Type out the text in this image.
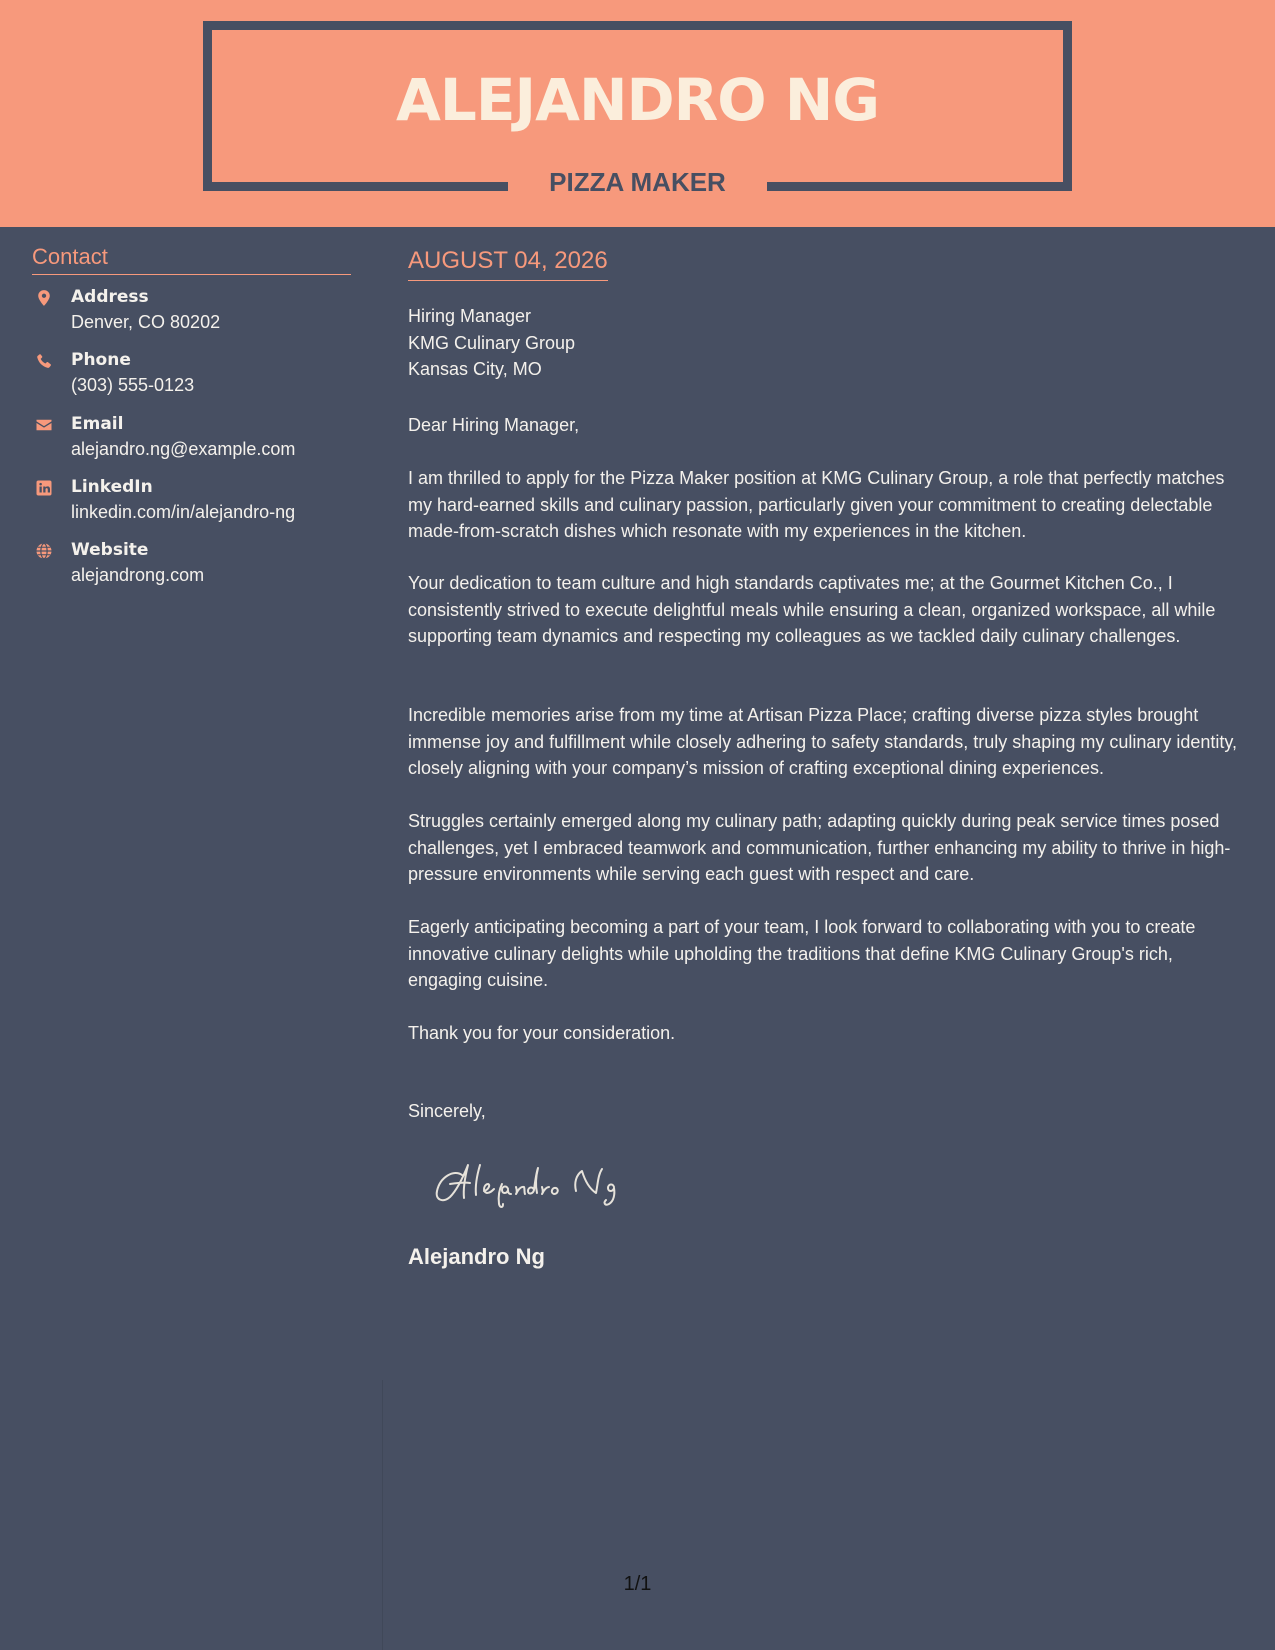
ALEJANDRO NG
PIZZA MAKER
Contact
Address
Denver, CO 80202
Phone
(303) 555-0123
Email
alejandro.ng@example.com
LinkedIn
linkedin.com/in/alejandro-ng
Website
alejandrong.com
AUGUST 04, 2026
Hiring Manager
KMG Culinary Group
Kansas City, MO

Dear Hiring Manager,

I am thrilled to apply for the Pizza Maker position at KMG Culinary Group, a role that perfectly matches my hard-earned skills and culinary passion, particularly given your commitment to creating delectable made-from-scratch dishes which resonate with my experiences in the kitchen.

Your dedication to team culture and high standards captivates me; at the Gourmet Kitchen Co., I consistently strived to execute delightful meals while ensuring a clean, organized workspace, all while supporting team dynamics and respecting my colleagues as we tackled daily culinary challenges.

Incredible memories arise from my time at Artisan Pizza Place; crafting diverse pizza styles brought immense joy and fulfillment while closely adhering to safety standards, truly shaping my culinary identity, closely aligning with your company’s mission of crafting exceptional dining experiences.

Struggles certainly emerged along my culinary path; adapting quickly during peak service times posed challenges, yet I embraced teamwork and communication, further enhancing my ability to thrive in high-pressure environments while serving each guest with respect and care.

Eagerly anticipating becoming a part of your team, I look forward to collaborating with you to create innovative culinary delights while upholding the traditions that define KMG Culinary Group's rich, engaging cuisine.

Thank you for your consideration.

Sincerely,

Alejandro Ng
1/1
